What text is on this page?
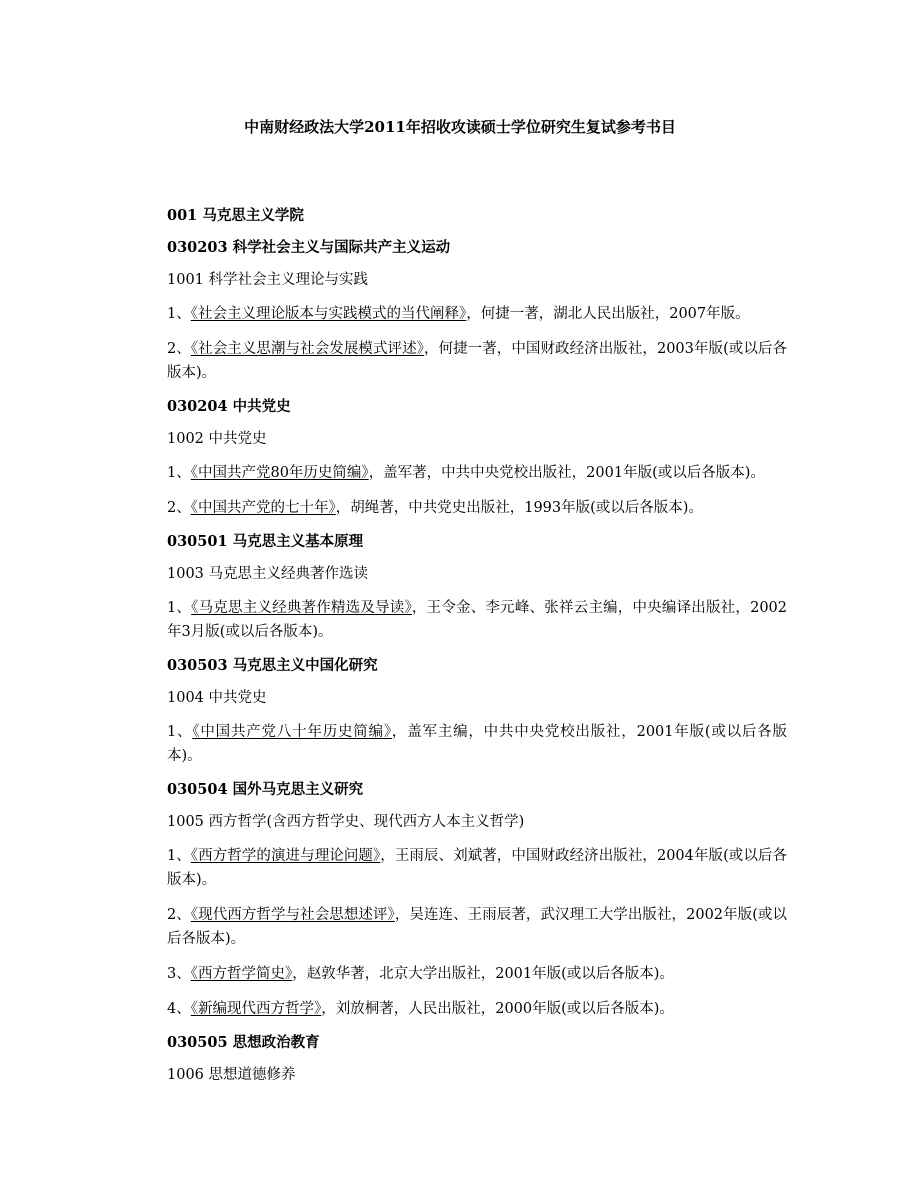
中南财经政法大学2011年招收攻读硕士学位研究生复试参考书目
001 马克思主义学院
030203 科学社会主义与国际共产主义运动
1001 科学社会主义理论与实践
1、《社会主义理论版本与实践模式的当代阐释》，何捷一著，湖北人民出版社，2007年版。
2、《社会主义思潮与社会发展模式评述》，何捷一著，中国财政经济出版社，2003年版(或以后各版本)。
030204 中共党史
1002 中共党史
1、《中国共产党80年历史简编》，盖军著，中共中央党校出版社，2001年版(或以后各版本)。
2、《中国共产党的七十年》，胡绳著，中共党史出版社，1993年版(或以后各版本)。
030501 马克思主义基本原理
1003 马克思主义经典著作选读
1、《马克思主义经典著作精选及导读》，王令金、李元峰、张祥云主编，中央编译出版社，2002年3月版(或以后各版本)。
030503 马克思主义中国化研究
1004 中共党史
1、《中国共产党八十年历史简编》，盖军主编，中共中央党校出版社，2001年版(或以后各版本)。
030504 国外马克思主义研究
1005 西方哲学(含西方哲学史、现代西方人本主义哲学)
1、《西方哲学的演进与理论问题》，王雨辰、刘斌著，中国财政经济出版社，2004年版(或以后各版本)。
2、《现代西方哲学与社会思想述评》，吴连连、王雨辰著，武汉理工大学出版社，2002年版(或以后各版本)。
3、《西方哲学简史》，赵敦华著，北京大学出版社，2001年版(或以后各版本)。
4、《新编现代西方哲学》，刘放桐著，人民出版社，2000年版(或以后各版本)。
030505 思想政治教育
1006 思想道德修养
